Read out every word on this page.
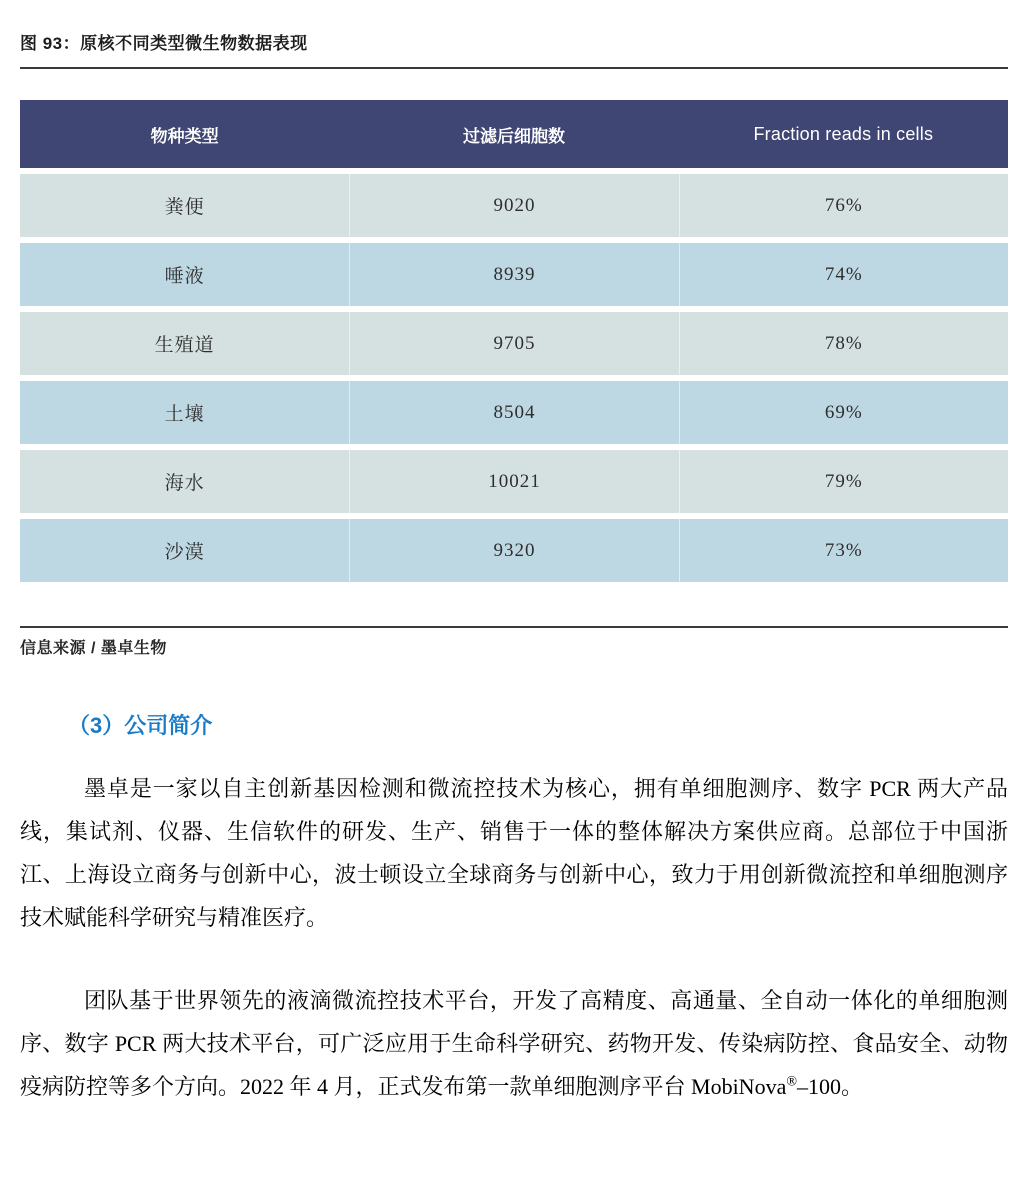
图 93：原核不同类型微生物数据表现
物种类型	过滤后细胞数	Fraction reads in cells
粪便	9020	76%
唾液	8939	74%
生殖道	9705	78%
土壤	8504	69%
海水	10021	79%
沙漠	9320	73%
信息来源 / 墨卓生物
（3）公司简介

墨卓是一家以自主创新基因检测和微流控技术为核心，拥有单细胞测序、数字 PCR 两大产品线，集试剂、仪器、生信软件的研发、生产、销售于一体的整体解决方案供应商。总部位于中国浙江、上海设立商务与创新中心，波士顿设立全球商务与创新中心，致力于用创新微流控和单细胞测序技术赋能科学研究与精准医疗。

团队基于世界领先的液滴微流控技术平台，开发了高精度、高通量、全自动一体化的单细胞测序、数字 PCR 两大技术平台，可广泛应用于生命科学研究、药物开发、传染病防控、食品安全、动物疫病防控等多个方向。2022 年 4 月，正式发布第一款单细胞测序平台 MobiNova®–100。
